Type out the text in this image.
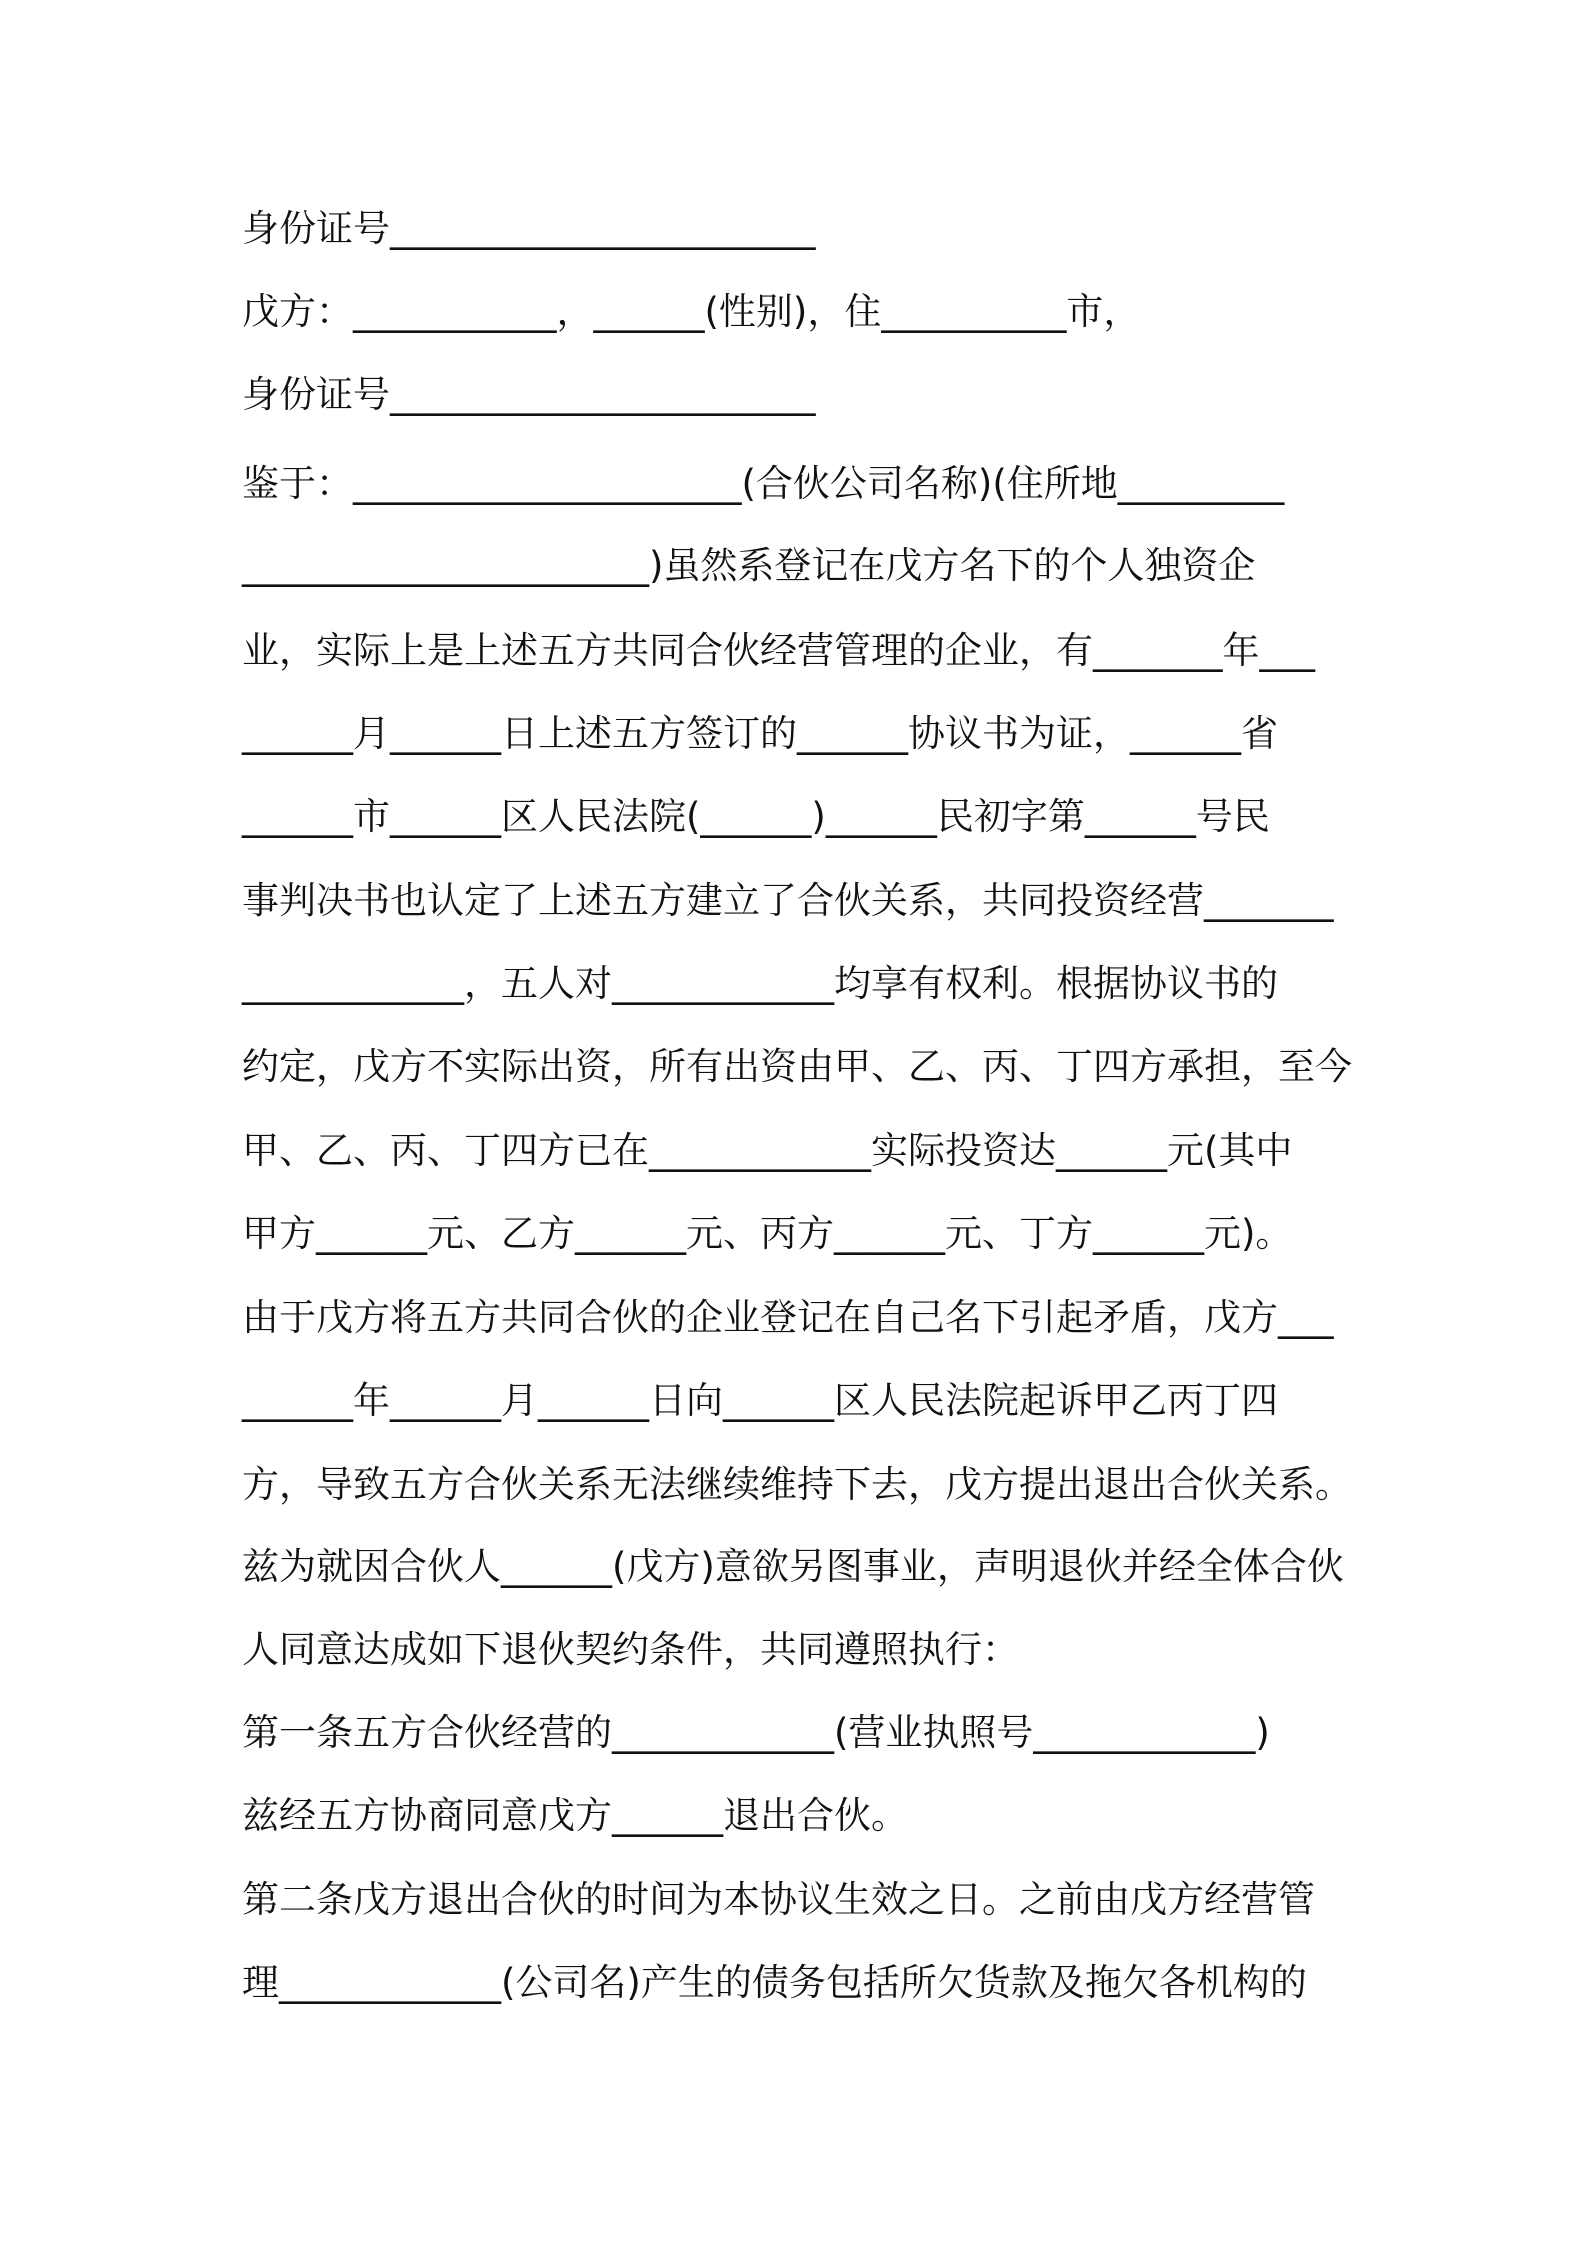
身份证号_______________________
戊方：___________，______(性别)，住__________市，
身份证号_______________________
鉴于：_____________________(合伙公司名称)(住所地_________
______________________)虽然系登记在戊方名下的个人独资企
业，实际上是上述五方共同合伙经营管理的企业，有_______年___
______月______日上述五方签订的______协议书为证，______省
______市______区人民法院(______)______民初字第______号民
事判决书也认定了上述五方建立了合伙关系，共同投资经营_______
____________，五人对____________均享有权利。根据协议书的
约定，戊方不实际出资，所有出资由甲、乙、丙、丁四方承担，至今
甲、乙、丙、丁四方已在____________实际投资达______元(其中
甲方______元、乙方______元、丙方______元、丁方______元)。
由于戊方将五方共同合伙的企业登记在自己名下引起矛盾，戊方___
______年______月______日向______区人民法院起诉甲乙丙丁四
方，导致五方合伙关系无法继续维持下去，戊方提出退出合伙关系。
兹为就因合伙人______(戊方)意欲另图事业，声明退伙并经全体合伙
人同意达成如下退伙契约条件，共同遵照执行：
第一条五方合伙经营的____________(营业执照号____________)
兹经五方协商同意戊方______退出合伙。
第二条戊方退出合伙的时间为本协议生效之日。之前由戊方经营管
理____________(公司名)产生的债务包括所欠货款及拖欠各机构的
